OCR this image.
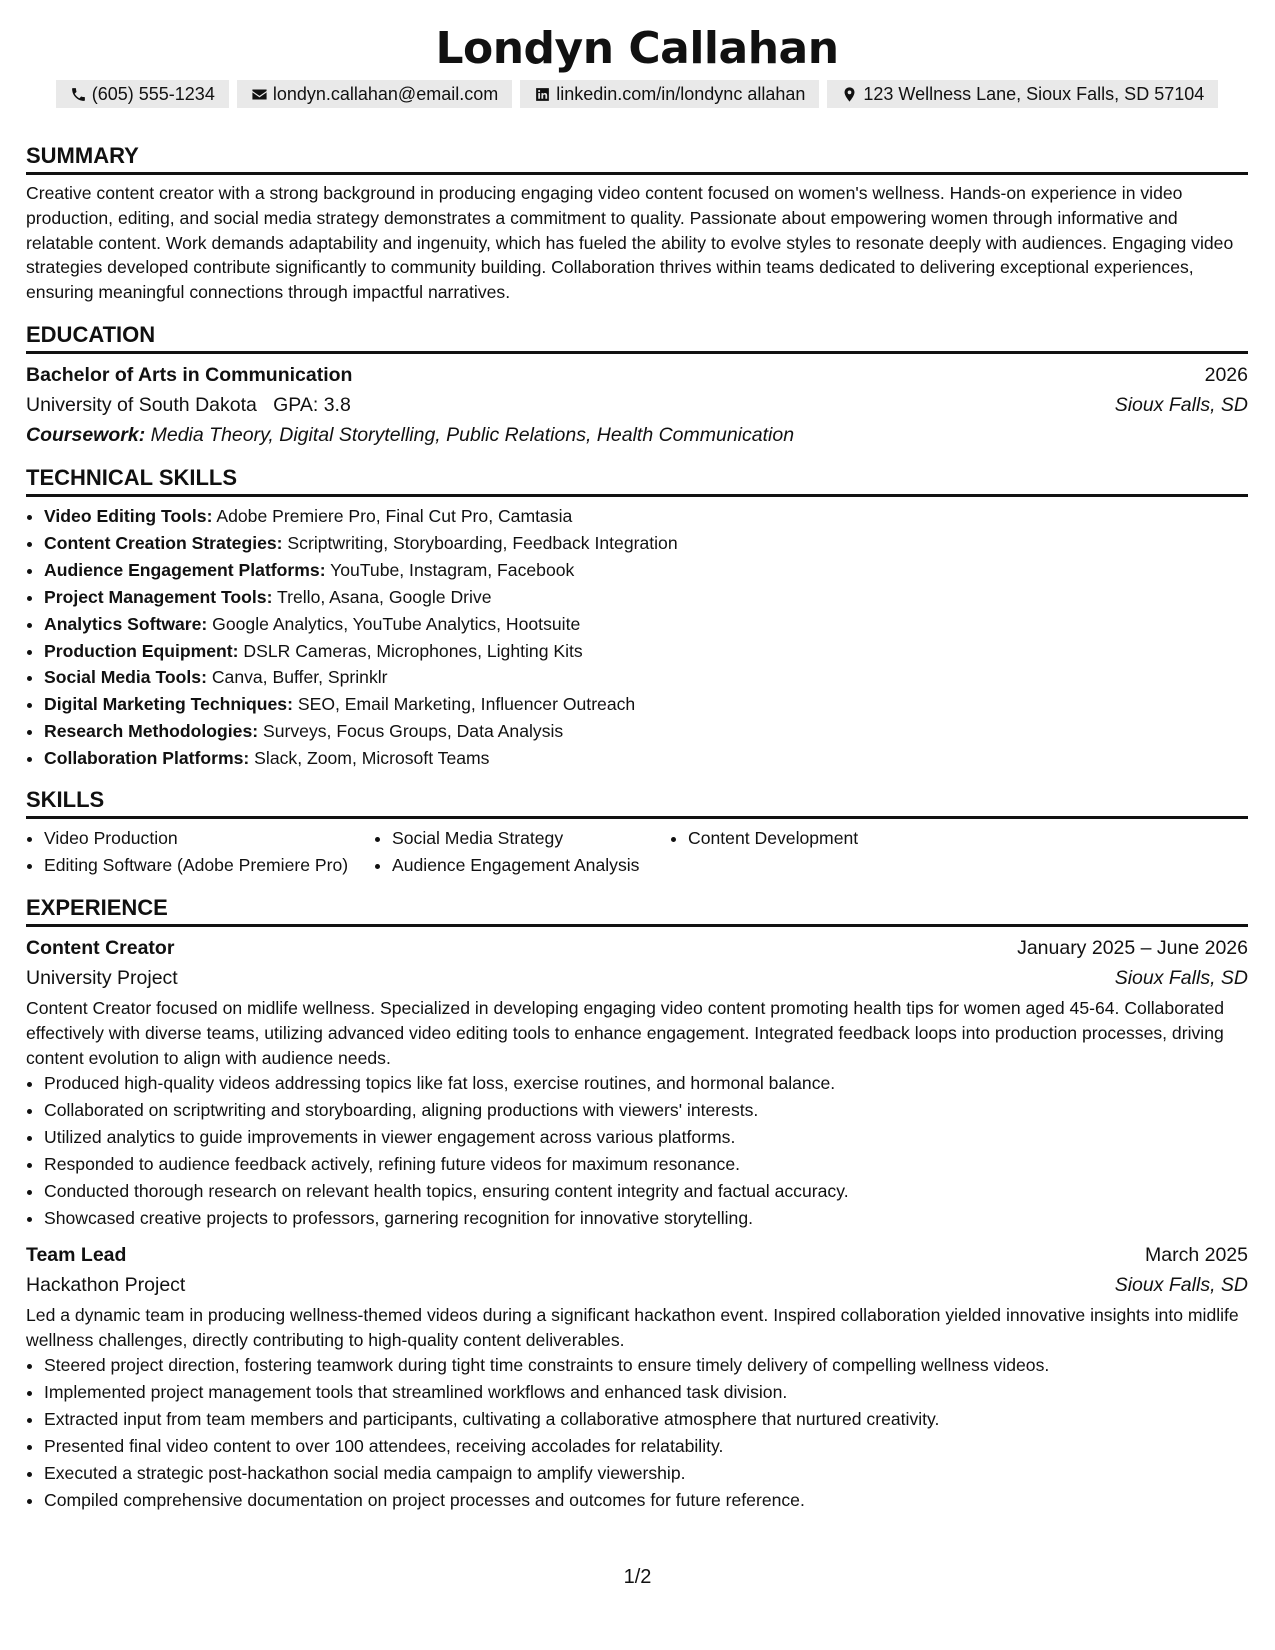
Londyn Callahan
(605) 555-1234	londyn.callahan@email.com	linkedin.com/in/londync allahan	123 Wellness Lane, Sioux Falls, SD 57104
SUMMARY
Creative content creator with a strong background in producing engaging video content focused on women's wellness. Hands-on experience in video production, editing, and social media strategy demonstrates a commitment to quality. Passionate about empowering women through informative and relatable content. Work demands adaptability and ingenuity, which has fueled the ability to evolve styles to resonate deeply with audiences. Engaging video strategies developed contribute significantly to community building. Collaboration thrives within teams dedicated to delivering exceptional experiences, ensuring meaningful connections through impactful narratives.
EDUCATION
Bachelor of Arts in Communication	2026
University of South Dakota GPA: 3.8	Sioux Falls, SD
Coursework: Media Theory, Digital Storytelling, Public Relations, Health Communication
TECHNICAL SKILLS
• Video Editing Tools: Adobe Premiere Pro, Final Cut Pro, Camtasia
• Content Creation Strategies: Scriptwriting, Storyboarding, Feedback Integration
• Audience Engagement Platforms: YouTube, Instagram, Facebook
• Project Management Tools: Trello, Asana, Google Drive
• Analytics Software: Google Analytics, YouTube Analytics, Hootsuite
• Production Equipment: DSLR Cameras, Microphones, Lighting Kits
• Social Media Tools: Canva, Buffer, Sprinklr
• Digital Marketing Techniques: SEO, Email Marketing, Influencer Outreach
• Research Methodologies: Surveys, Focus Groups, Data Analysis
• Collaboration Platforms: Slack, Zoom, Microsoft Teams
SKILLS
• Video Production	• Social Media Strategy	• Content Development
• Editing Software (Adobe Premiere Pro)	• Audience Engagement Analysis
EXPERIENCE
Content Creator	January 2025 – June 2026
University Project	Sioux Falls, SD
Content Creator focused on midlife wellness. Specialized in developing engaging video content promoting health tips for women aged 45-64. Collaborated effectively with diverse teams, utilizing advanced video editing tools to enhance engagement. Integrated feedback loops into production processes, driving content evolution to align with audience needs.
• Produced high-quality videos addressing topics like fat loss, exercise routines, and hormonal balance.
• Collaborated on scriptwriting and storyboarding, aligning productions with viewers' interests.
• Utilized analytics to guide improvements in viewer engagement across various platforms.
• Responded to audience feedback actively, refining future videos for maximum resonance.
• Conducted thorough research on relevant health topics, ensuring content integrity and factual accuracy.
• Showcased creative projects to professors, garnering recognition for innovative storytelling.
Team Lead	March 2025
Hackathon Project	Sioux Falls, SD
Led a dynamic team in producing wellness-themed videos during a significant hackathon event. Inspired collaboration yielded innovative insights into midlife wellness challenges, directly contributing to high-quality content deliverables.
• Steered project direction, fostering teamwork during tight time constraints to ensure timely delivery of compelling wellness videos.
• Implemented project management tools that streamlined workflows and enhanced task division.
• Extracted input from team members and participants, cultivating a collaborative atmosphere that nurtured creativity.
• Presented final video content to over 100 attendees, receiving accolades for relatability.
• Executed a strategic post-hackathon social media campaign to amplify viewership.
• Compiled comprehensive documentation on project processes and outcomes for future reference.
1/2
